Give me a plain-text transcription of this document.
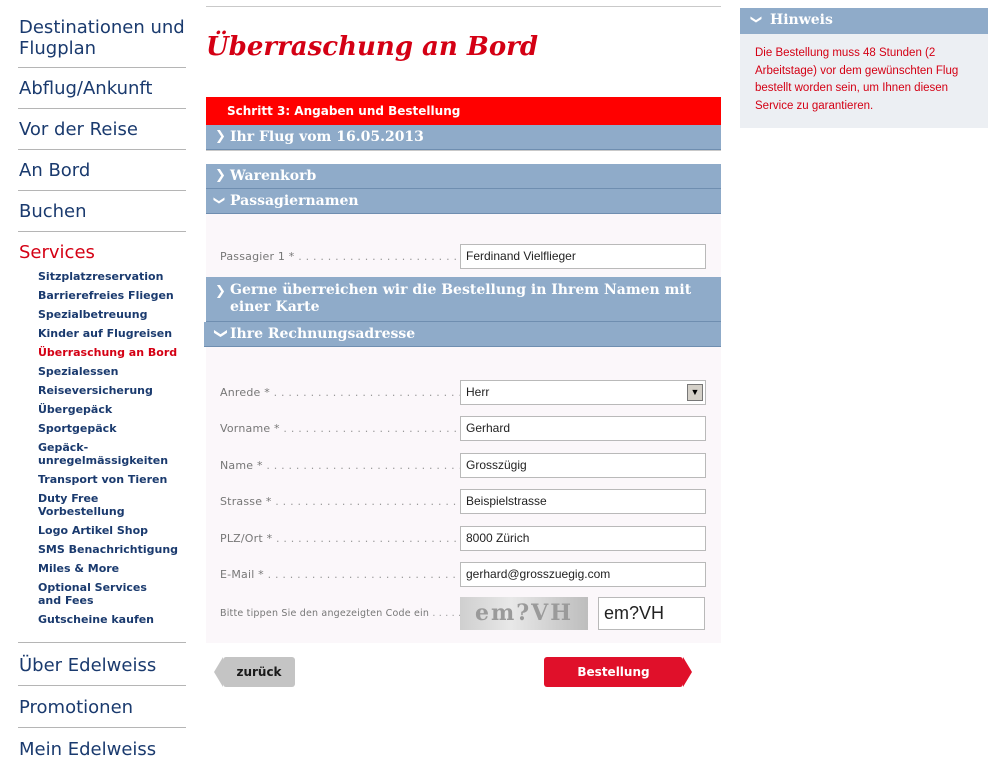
Destinationen und Flugplan
Abflug/Ankunft
Vor der Reise
An Bord
Buchen
Services
Sitzplatzreservation
Barrierefreies Fliegen
Spezialbetreuung
Kinder auf Flugreisen
Überraschung an Bord
Spezialessen
Reiseversicherung
Übergepäck
Sportgepäck
Gepäck-unregelmässigkeiten
Transport von Tieren
Duty Free Vorbestellung
Logo Artikel Shop
SMS Benachrichtigung
Miles & More
Optional Services and Fees
Gutscheine kaufen
Über Edelweiss
Promotionen
Mein Edelweiss
Überraschung an Bord
Schritt 3: Angaben und Bestellung
❯ Ihr Flug vom 16.05.2013
❯ Warenkorb
❯ Passagiernamen
Passagier 1 * . . .	Ferdinand Vielflieger
❯ Gerne überreichen wir die Bestellung in Ihrem Namen mit einer Karte
❯ Ihre Rechnungsadresse
Anrede * . . .	Herr	▼
Vorname * . . .	Gerhard
Name * . . .	Grosszügig
Strasse * . . .	Beispielstrasse
PLZ/Ort * . . .	8000 Zürich
E-Mail * . . .	gerhard@grosszuegig.com
Bitte tippen Sie den angezeigten Code ein . . .	em?VH	em?VH
zurück	Bestellung absenden
❯ Hinweis
Die Bestellung muss 48 Stunden (2 Arbeitstage) vor dem gewünschten Flug bestellt worden sein, um Ihnen diesen Service zu garantieren.
